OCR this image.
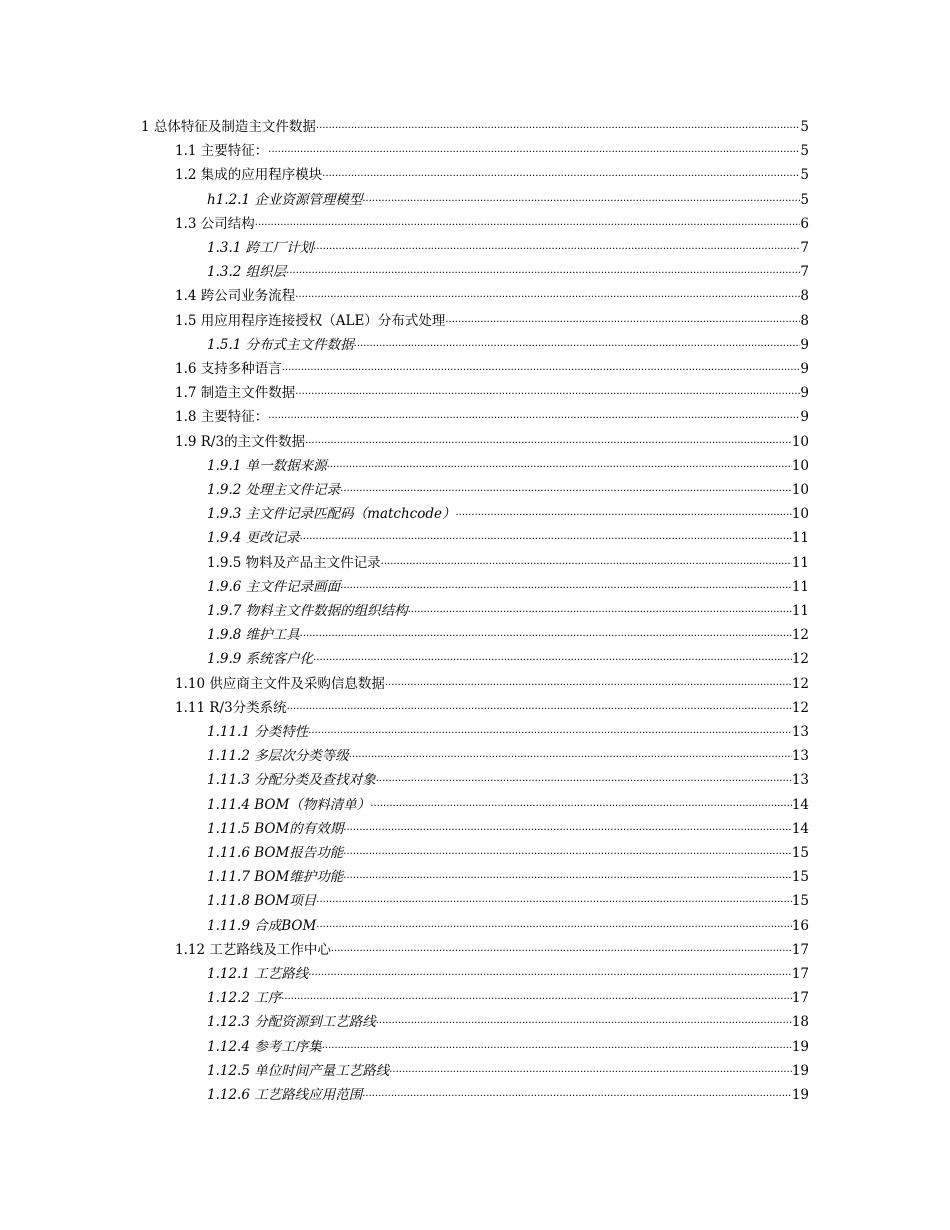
1 总体特征及制造主文件数据 ·····	5
1.1 主要特征： ·····	5
1.2 集成的应用程序模块 ·····	5
h1.2.1 企业资源管理模型 ·····	5
1.3 公司结构 ·····	6
1.3.1 跨工厂计划 ·····	7
1.3.2 组织层 ·····	7
1.4 跨公司业务流程 ·····	8
1.5 用应用程序连接授权（ALE）分布式处理 ·····	8
1.5.1 分布式主文件数据 ·····	9
1.6 支持多种语言 ·····	9
1.7 制造主文件数据 ·····	9
1.8 主要特征： ·····	9
1.9 R/3的主文件数据 ·····	10
1.9.1 单一数据来源 ·····	10
1.9.2 处理主文件记录 ·····	10
1.9.3 主文件记录匹配码（matchcode） ·····	10
1.9.4 更改记录 ·····	11
1.9.5 物料及产品主文件记录 ·····	11
1.9.6 主文件记录画面 ·····	11
1.9.7 物料主文件数据的组织结构 ·····	11
1.9.8 维护工具 ·····	12
1.9.9 系统客户化 ·····	12
1.10 供应商主文件及采购信息数据 ·····	12
1.11 R/3分类系统 ·····	12
1.11.1 分类特性 ·····	13
1.11.2 多层次分类等级 ·····	13
1.11.3 分配分类及查找对象 ·····	13
1.11.4 BOM（物料清单） ·····	14
1.11.5 BOM的有效期 ·····	14
1.11.6 BOM报告功能 ·····	15
1.11.7 BOM维护功能 ·····	15
1.11.8 BOM项目 ·····	15
1.11.9 合成BOM ·····	16
1.12 工艺路线及工作中心 ·····	17
1.12.1 工艺路线 ·····	17
1.12.2 工序 ·····	17
1.12.3 分配资源到工艺路线 ·····	18
1.12.4 参考工序集 ·····	19
1.12.5 单位时间产量工艺路线 ·····	19
1.12.6 工艺路线应用范围 ·····	19
